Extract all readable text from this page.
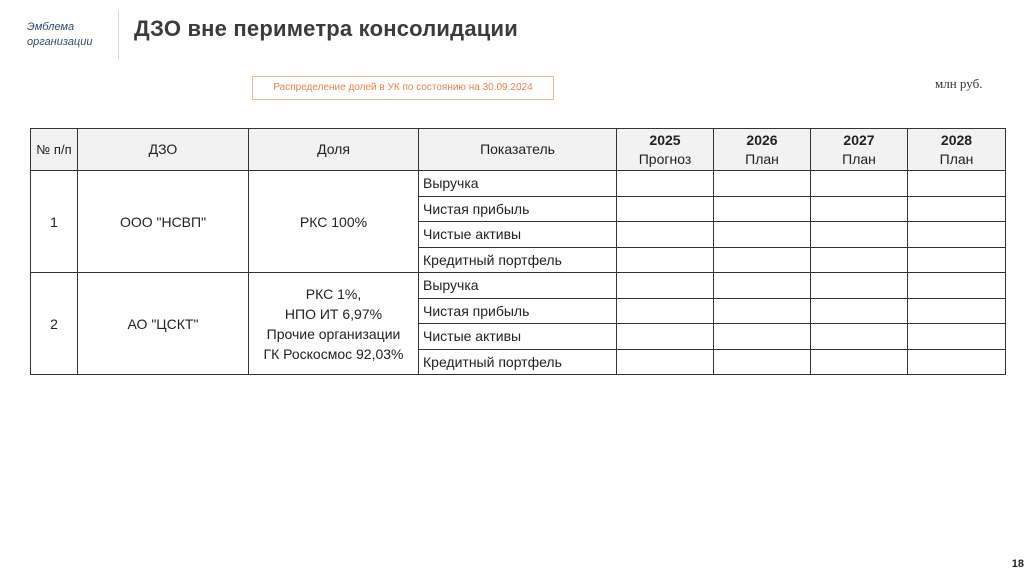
Эмблема организации
ДЗО вне периметра консолидации
Распределение долей в УК по состоянию на 30.09.2024	млн руб.
№ п/п	ДЗО	Доля	Показатель	2025
Прогноз	2026
План	2027
План	2028
План
1	ООО "НСВП"	РКС 100%	Выручка				
			Чистая прибыль				
			Чистые активы				
			Кредитный портфель				
2	АО "ЦСКТ"	РКС 1%,
НПО ИТ 6,97%
Прочие организации
ГК Роскосмос 92,03%	Выручка				
			Чистая прибыль				
			Чистые активы				
			Кредитный портфель				
18
